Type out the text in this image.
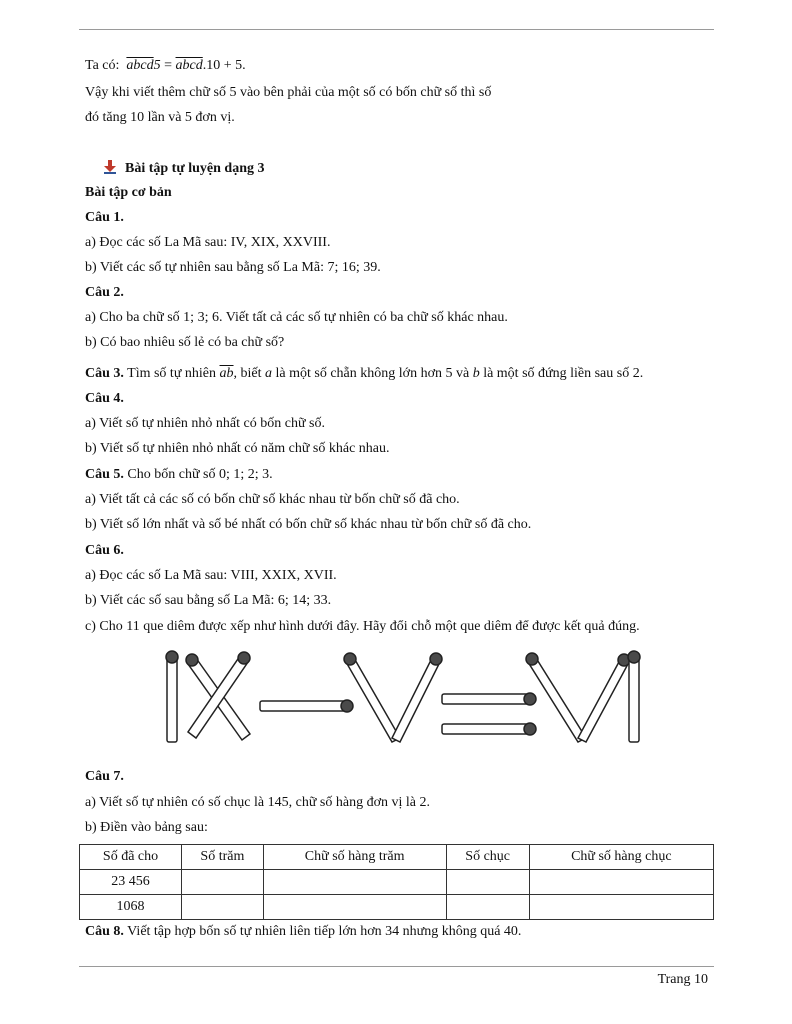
Ta có: abcd5 = abcd.10 + 5.
Vậy khi viết thêm chữ số 5 vào bên phải của một số có bốn chữ số thì số
đó tăng 10 lần và 5 đơn vị.
Bài tập tự luyện dạng 3
Bài tập cơ bản
Câu 1.
a) Đọc các số La Mã sau: IV, XIX, XXVIII.
b) Viết các số tự nhiên sau bằng số La Mã: 7; 16; 39.
Câu 2.
a) Cho ba chữ số 1; 3; 6. Viết tất cả các số tự nhiên có ba chữ số khác nhau.
b) Có bao nhiêu số lẻ có ba chữ số?
Câu 3. Tìm số tự nhiên $\overline{ab}$, biết a là một số chẵn không lớn hơn 5 và b là một số đứng liền sau số 2.
Câu 4.
a) Viết số tự nhiên nhỏ nhất có bốn chữ số.
b) Viết số tự nhiên nhỏ nhất có năm chữ số khác nhau.
Câu 5. Cho bốn chữ số 0; 1; 2; 3.
a) Viết tất cả các số có bốn chữ số khác nhau từ bốn chữ số đã cho.
b) Viết số lớn nhất và số bé nhất có bốn chữ số khác nhau từ bốn chữ số đã cho.
Câu 6.
a) Đọc các số La Mã sau: VIII, XXIX, XVII.
b) Viết các số sau bằng số La Mã: 6; 14; 33.
c) Cho 11 que diêm được xếp như hình dưới đây. Hãy đổi chỗ một que diêm để được kết quả đúng.
Câu 7.
a) Viết số tự nhiên có số chục là 145, chữ số hàng đơn vị là 2.
b) Điền vào bảng sau:
Số đã cho	Số trăm	Chữ số hàng trăm	Số chục	Chữ số hàng chục
23 456				
1068				
Câu 8. Viết tập hợp bốn số tự nhiên liên tiếp lớn hơn 34 nhưng không quá 40.
Trang 10
